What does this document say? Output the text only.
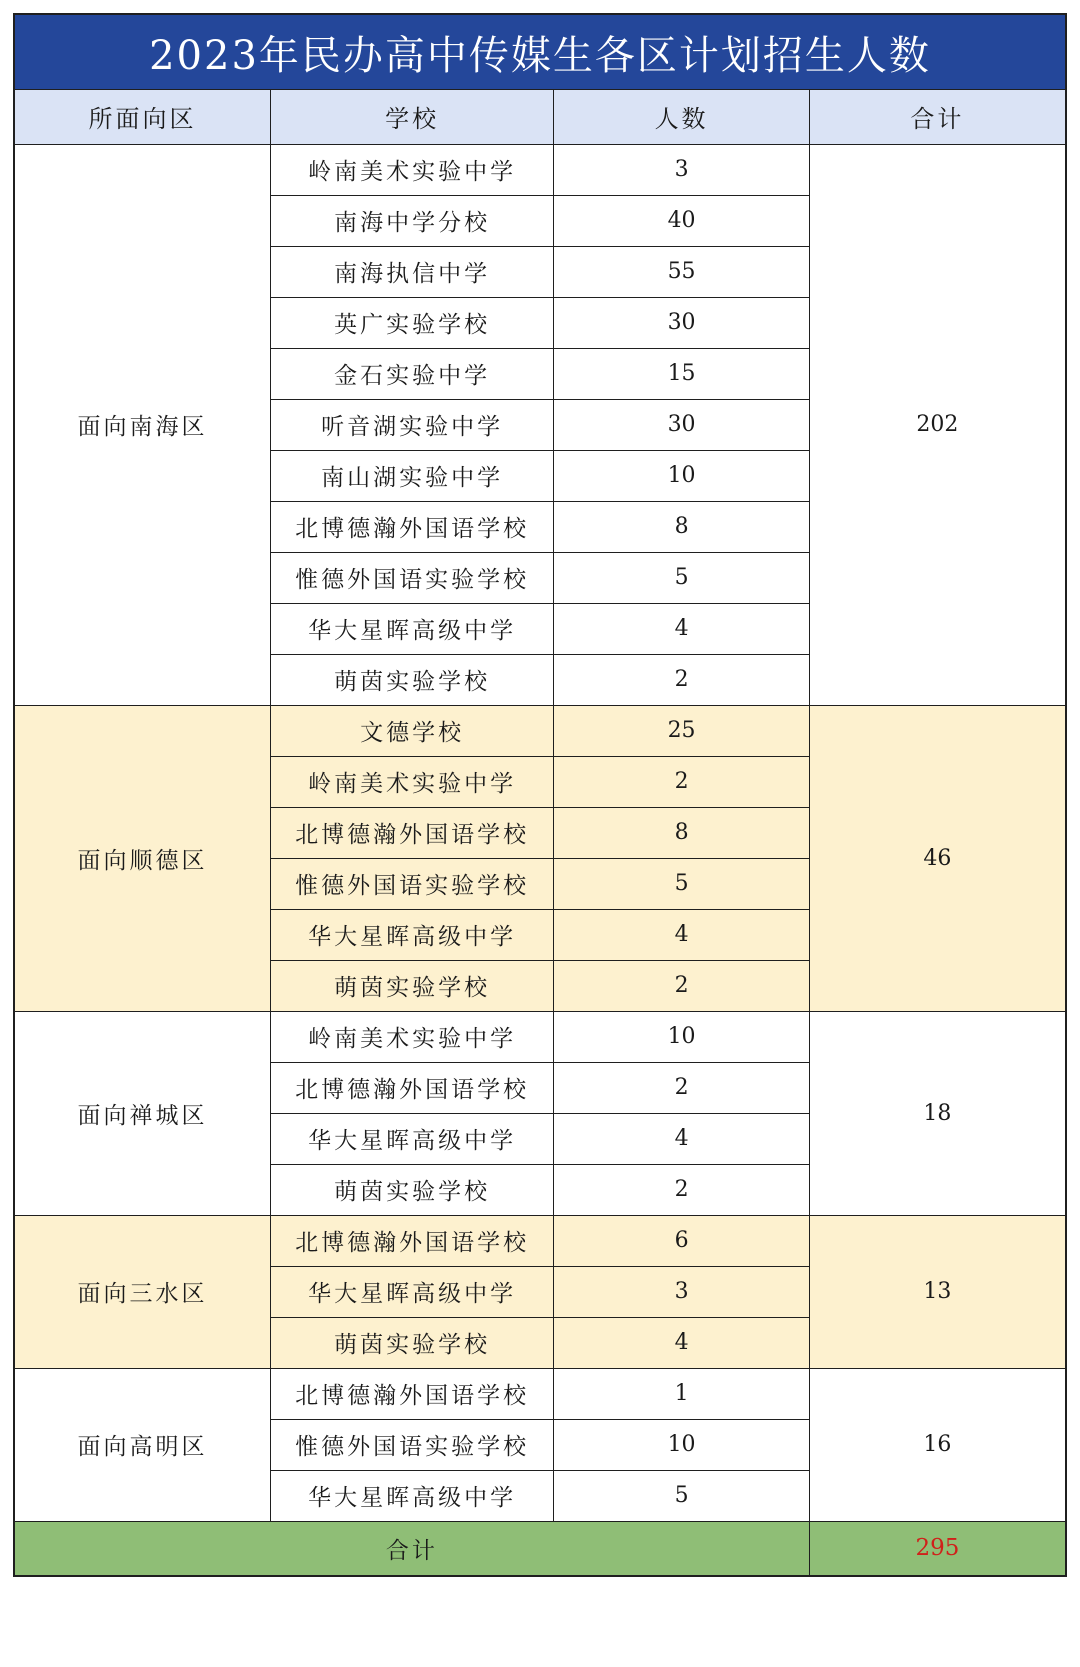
2023年民办高中传媒生各区计划招生人数
所面向区	学校	人数	合计
面向南海区	岭南美术实验中学	3	202
	南海中学分校	40	
	南海执信中学	55	
	英广实验学校	30	
	金石实验中学	15	
	听音湖实验中学	30	
	南山湖实验中学	10	
	北博德瀚外国语学校	8	
	惟德外国语实验学校	5	
	华大星晖高级中学	4	
	萌茵实验学校	2	
面向顺德区	文德学校	25	46
	岭南美术实验中学	2	
	北博德瀚外国语学校	8	
	惟德外国语实验学校	5	
	华大星晖高级中学	4	
	萌茵实验学校	2	
面向禅城区	岭南美术实验中学	10	18
	北博德瀚外国语学校	2	
	华大星晖高级中学	4	
	萌茵实验学校	2	
面向三水区	北博德瀚外国语学校	6	13
	华大星晖高级中学	3	
	萌茵实验学校	4	
面向高明区	北博德瀚外国语学校	1	16
	惟德外国语实验学校	10	
	华大星晖高级中学	5	
合计			295
